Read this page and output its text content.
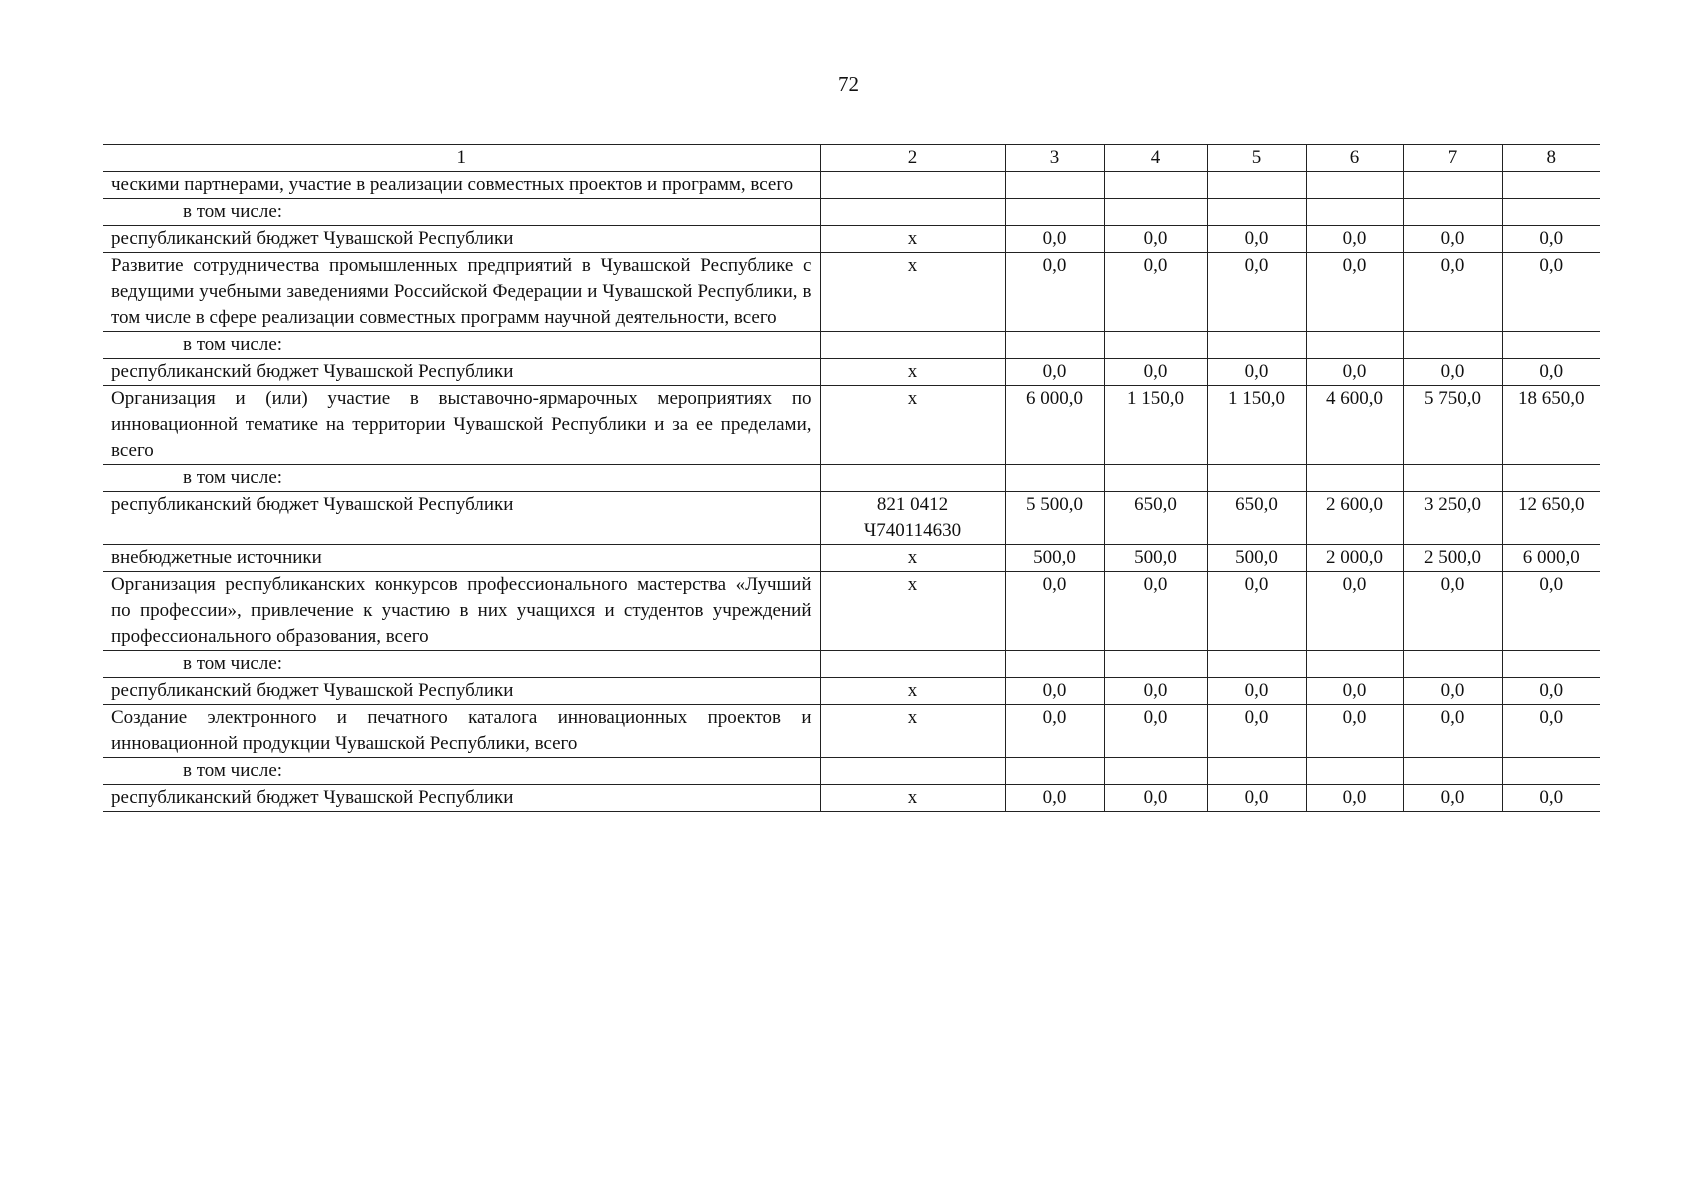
72
1	2	3	4	5	6	7	8
ческими партнерами, участие в реализации совместных проектов и программ, всего							
в том числе:							
республиканский бюджет Чувашской Республики	х	0,0	0,0	0,0	0,0	0,0	0,0
Развитие сотрудничества промышленных предприятий в Чувашской Республике с ведущими учебными заведениями Российской Федерации и Чувашской Республики, в том числе в сфере реализации совместных программ научной деятельности, всего	х	0,0	0,0	0,0	0,0	0,0	0,0
в том числе:							
республиканский бюджет Чувашской Республики	х	0,0	0,0	0,0	0,0	0,0	0,0
Организация и (или) участие в выставочно-ярмарочных мероприятиях по инновационной тематике на территории Чувашской Республики и за ее пределами, всего	х	6 000,0	1 150,0	1 150,0	4 600,0	5 750,0	18 650,0
в том числе:							
республиканский бюджет Чувашской Республики	821 0412 Ч740114630	5 500,0	650,0	650,0	2 600,0	3 250,0	12 650,0
внебюджетные источники	х	500,0	500,0	500,0	2 000,0	2 500,0	6 000,0
Организация республиканских конкурсов профессионального мастерства «Лучший по профессии», привлечение к участию в них учащихся и студентов учреждений профессионального образования, всего	х	0,0	0,0	0,0	0,0	0,0	0,0
в том числе:							
республиканский бюджет Чувашской Республики	х	0,0	0,0	0,0	0,0	0,0	0,0
Создание электронного и печатного каталога инновационных проектов и инновационной продукции Чувашской Республики, всего	х	0,0	0,0	0,0	0,0	0,0	0,0
в том числе:							
республиканский бюджет Чувашской Республики	х	0,0	0,0	0,0	0,0	0,0	0,0
